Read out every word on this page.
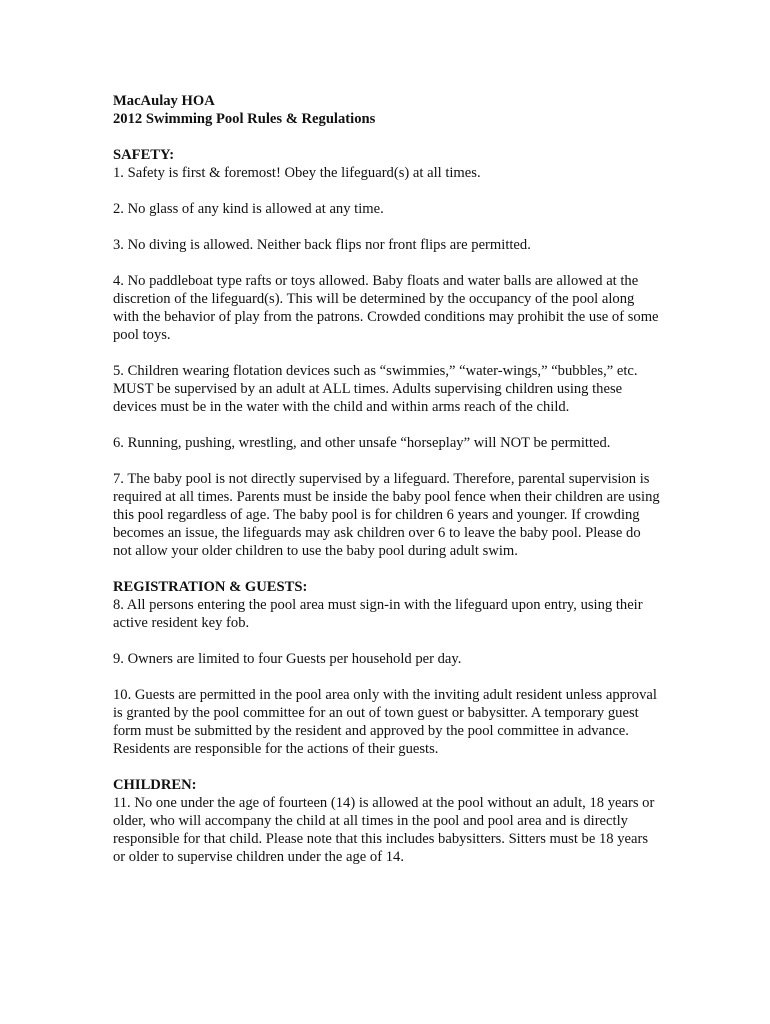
MacAulay HOA
2012 Swimming Pool Rules & Regulations
SAFETY:

1. Safety is first & foremost! Obey the lifeguard(s) at all times.

2. No glass of any kind is allowed at any time.

3. No diving is allowed. Neither back flips nor front flips are permitted.

4. No paddleboat type rafts or toys allowed. Baby floats and water balls are allowed at the discretion of the lifeguard(s). This will be determined by the occupancy of the pool along with the behavior of play from the patrons. Crowded conditions may prohibit the use of some pool toys.

5. Children wearing flotation devices such as “swimmies,” “water-wings,” “bubbles,” etc. MUST be supervised by an adult at ALL times. Adults supervising children using these devices must be in the water with the child and within arms reach of the child.

6. Running, pushing, wrestling, and other unsafe “horseplay” will NOT be permitted.

7. The baby pool is not directly supervised by a lifeguard. Therefore, parental supervision is required at all times. Parents must be inside the baby pool fence when their children are using this pool regardless of age. The baby pool is for children 6 years and younger. If crowding becomes an issue, the lifeguards may ask children over 6 to leave the baby pool. Please do not allow your older children to use the baby pool during adult swim.

REGISTRATION & GUESTS:

8. All persons entering the pool area must sign-in with the lifeguard upon entry, using their active resident key fob.

9. Owners are limited to four Guests per household per day.

10. Guests are permitted in the pool area only with the inviting adult resident unless approval is granted by the pool committee for an out of town guest or babysitter. A temporary guest form must be submitted by the resident and approved by the pool committee in advance. Residents are responsible for the actions of their guests.

CHILDREN:

11. No one under the age of fourteen (14) is allowed at the pool without an adult, 18 years or older, who will accompany the child at all times in the pool and pool area and is directly responsible for that child. Please note that this includes babysitters. Sitters must be 18 years or older to supervise children under the age of 14.
